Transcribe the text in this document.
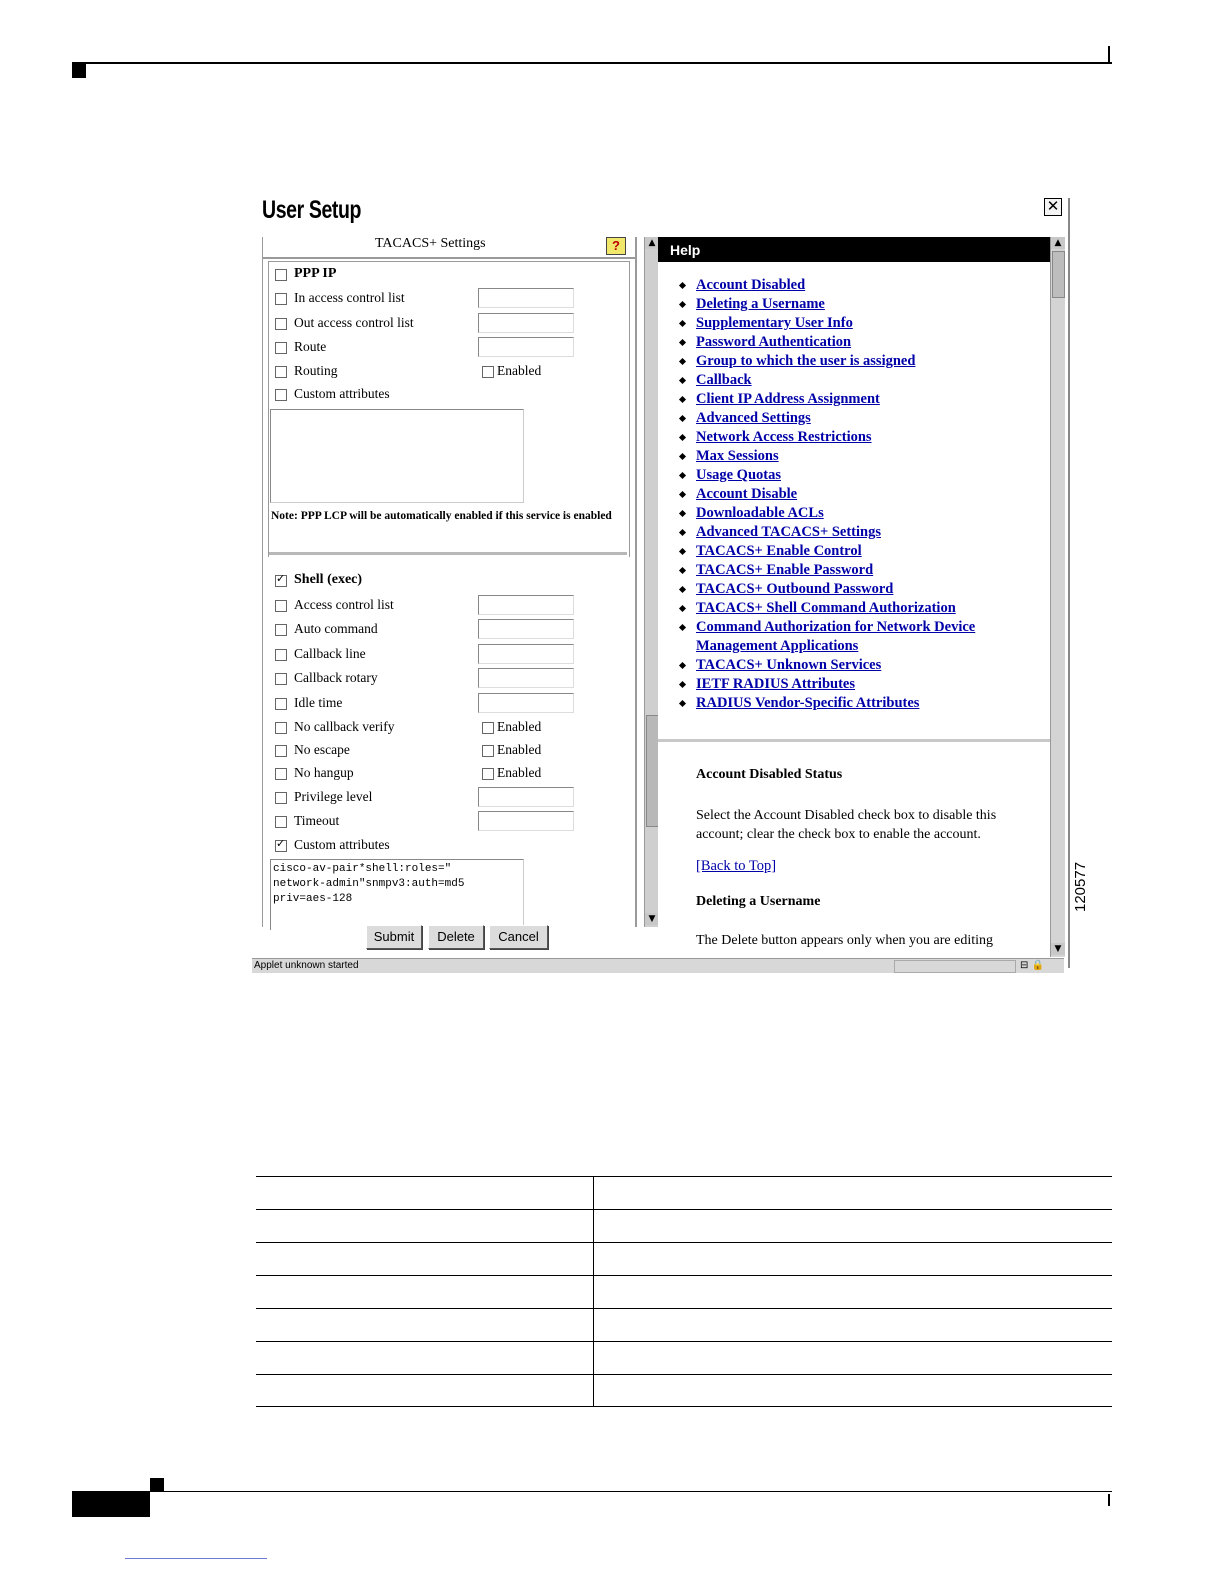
User Setup	✕
TACACS+ Settings	?
PPP IP
Note: PPP LCP will be automatically enabled if this service is enabled
✓
Shell (exec)
cisco-av-pair*shell:roles="
network-admin"snmpv3:auth=md5
priv=aes-128
In access control list
Out access control list
Route
Routing	Enabled
Custom attributes
Access control list
Auto command
Callback line
Callback rotary
Idle time
No callback verify	Enabled
No escape	Enabled
No hangup	Enabled
Privilege level
Timeout
✓
Custom attributes
▲
▼
Submit	Delete	Cancel
Help
Account Disabled
Deleting a Username
Supplementary User Info
Password Authentication
Group to which the user is assigned
Callback
Client IP Address Assignment
Advanced Settings
Network Access Restrictions
Max Sessions
Usage Quotas
Account Disable
Downloadable ACLs
Advanced TACACS+ Settings
TACACS+ Enable Control
TACACS+ Enable Password
TACACS+ Outbound Password
TACACS+ Shell Command Authorization
Command Authorization for Network Device
Management Applications
TACACS+ Unknown Services
IETF RADIUS Attributes
RADIUS Vendor-Specific Attributes
Account Disabled Status
Select the Account Disabled check box to disable this account; clear the check box to enable the account.
[Back to Top]
Deleting a Username
The Delete button appears only when you are editing
▲
▼
Applet unknown started	⊟ 🔒
120577
